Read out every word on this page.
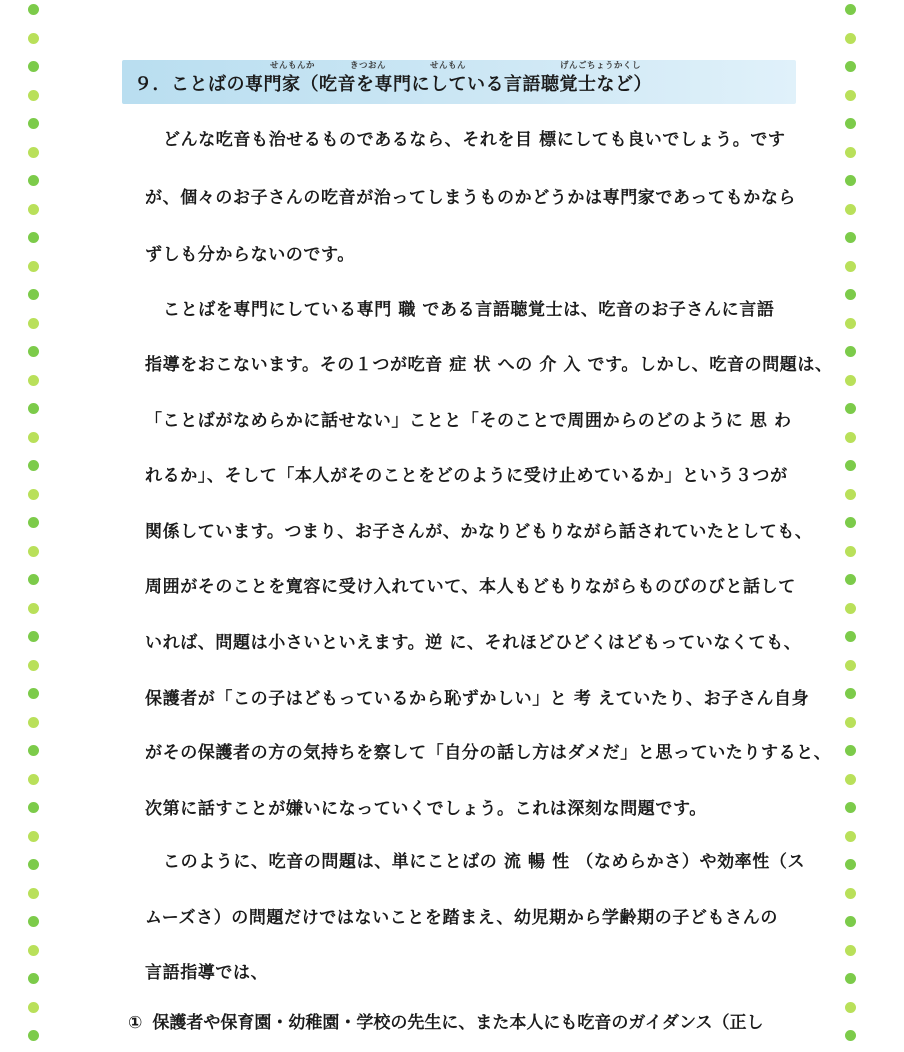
せんもんか	きつおん	せんもん	げんごちょうかくし
９．ことばの専門家（吃音を専門にしている言語聴覚士など）
どんな吃音も治せるものであるなら、それを目 標にしても良いでしょう。です
が、個々のお子さんの吃音が治ってしまうものかどうかは専門家であってもかなら
ずしも分からないのです。
ことばを専門にしている専門 職 である言語聴覚士は、吃音のお子さんに言語
指導をおこないます。その１つが吃音 症 状 への 介 入 です。しかし、吃音の問題は、
「ことばがなめらかに話せない」ことと「そのことで周囲からのどのように 思 わ
れるか」、そして「本人がそのことをどのように受け止めているか」という３つが
関係しています。つまり、お子さんが、かなりどもりながら話されていたとしても、
周囲がそのことを寛容に受け入れていて、本人もどもりながらものびのびと話して
いれば、問題は小さいといえます。逆 に、それほどひどくはどもっていなくても、
保護者が「この子はどもっているから恥ずかしい」と 考 えていたり、お子さん自身
がその保護者の方の気持ちを察して「自分の話し方はダメだ」と思っていたりすると、
次第に話すことが嫌いになっていくでしょう。これは深刻な問題です。
このように、吃音の問題は、単にことばの 流 暢 性 （なめらかさ）や効率性（ス
ムーズさ）の問題だけではないことを踏まえ、幼児期から学齢期の子どもさんの
言語指導では、
① 保護者や保育園・幼稚園・学校の先生に、また本人にも吃音のガイダンス（正し
